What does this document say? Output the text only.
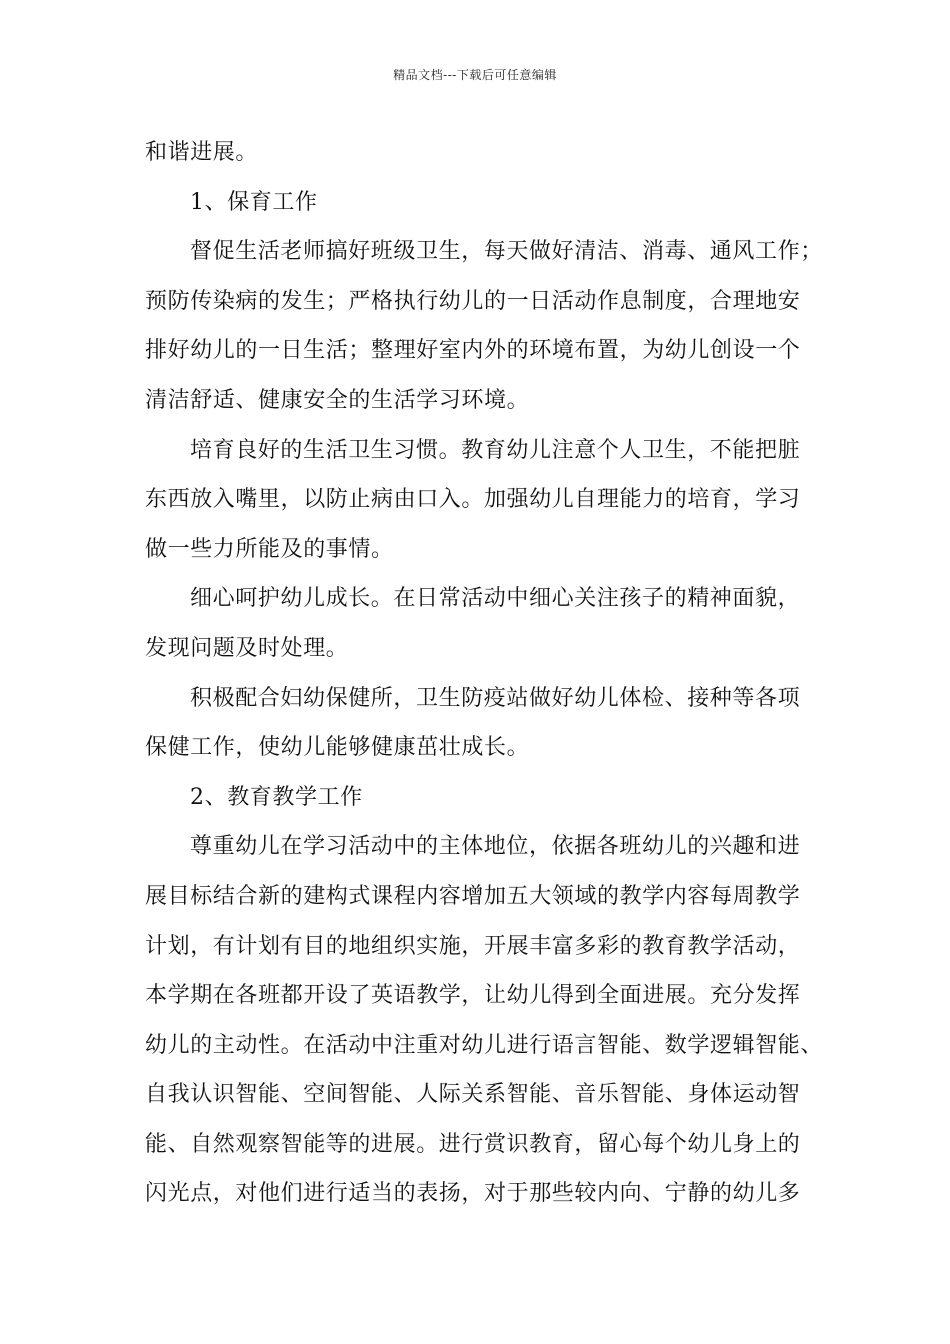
精品文档---下载后可任意编辑
和谐进展。
1、保育工作
督促生活老师搞好班级卫生，每天做好清洁、消毒、通风工作；
预防传染病的发生；严格执行幼儿的一日活动作息制度，合理地安
排好幼儿的一日生活；整理好室内外的环境布置，为幼儿创设一个
清洁舒适、健康安全的生活学习环境。
培育良好的生活卫生习惯。教育幼儿注意个人卫生，不能把脏
东西放入嘴里，以防止病由口入。加强幼儿自理能力的培育，学习
做一些力所能及的事情。
细心呵护幼儿成长。在日常活动中细心关注孩子的精神面貌，
发现问题及时处理。
积极配合妇幼保健所，卫生防疫站做好幼儿体检、接种等各项
保健工作，使幼儿能够健康茁壮成长。
2、教育教学工作
尊重幼儿在学习活动中的主体地位，依据各班幼儿的兴趣和进
展目标结合新的建构式课程内容增加五大领域的教学内容每周教学
计划，有计划有目的地组织实施，开展丰富多彩的教育教学活动，
本学期在各班都开设了英语教学，让幼儿得到全面进展。充分发挥
幼儿的主动性。在活动中注重对幼儿进行语言智能、数学逻辑智能、
自我认识智能、空间智能、人际关系智能、音乐智能、身体运动智
能、自然观察智能等的进展。进行赏识教育，留心每个幼儿身上的
闪光点，对他们进行适当的表扬，对于那些较内向、宁静的幼儿多
